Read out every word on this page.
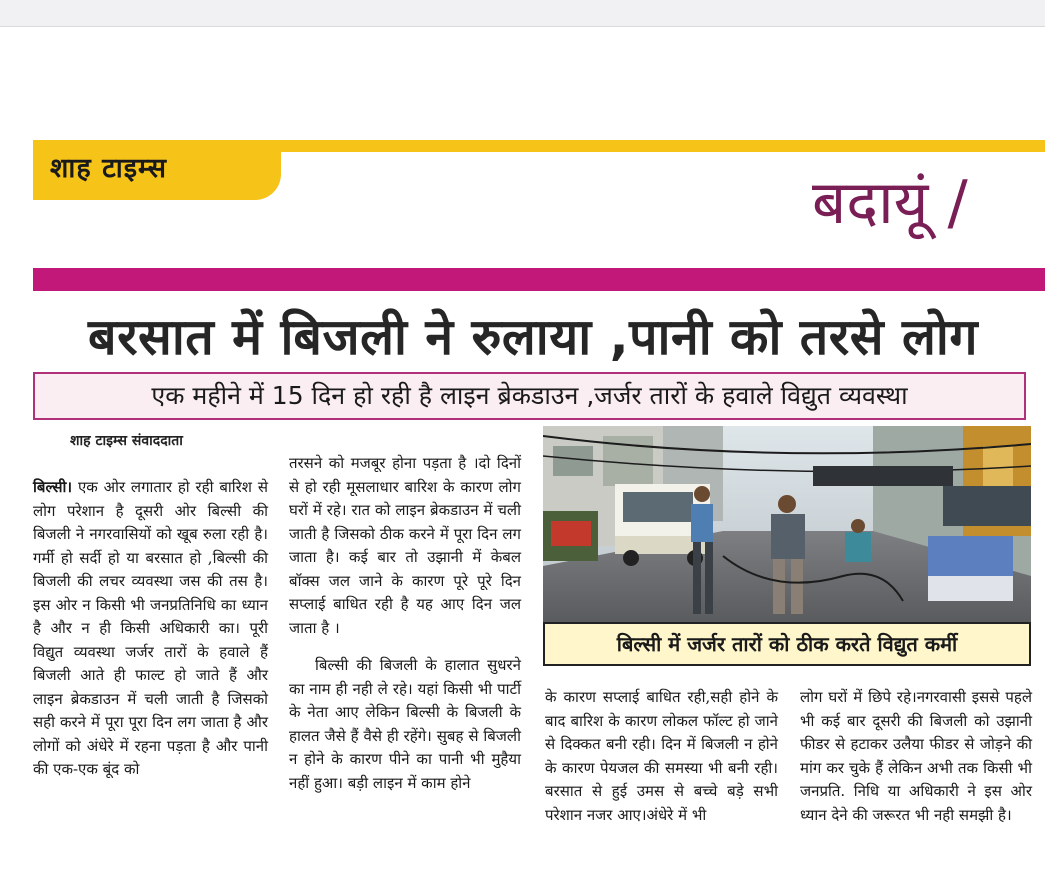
शाह टाइम्स	बदायूं /
बरसात में बिजली ने रुलाया ,पानी को तरसे लोग
एक महीने में 15 दिन हो रही है लाइन ब्रेकडाउन ,जर्जर तारों के हवाले विद्युत व्यवस्था
शाह टाइम्स संवाददाता

बिल्सी। एक ओर लगातार हो रही बारिश से लोग परेशान है दूसरी ओर बिल्सी की बिजली ने नगरवासियों को खूब रुला रही है। गर्मी हो सर्दी हो या बरसात हो ,बिल्सी की बिजली की लचर व्यवस्था जस की तस है।इस ओर न किसी भी जनप्रतिनिधि का ध्यान है और न ही किसी अधिकारी का। पूरी विद्युत व्यवस्था जर्जर तारों के हवाले हैं बिजली आते ही फाल्ट हो जाते हैं और लाइन ब्रेकडाउन में चली जाती है जिसको सही करने में पूरा पूरा दिन लग जाता है और लोगों को अंधेरे में रहना पड़ता है और पानी की एक-एक बूंद को

तरसने को मजबूर होना पड़ता है ।दो दिनों से हो रही मूसलाधार बारिश के कारण लोग घरों में रहे। रात को लाइन ब्रेकडाउन में चली जाती है जिसको ठीक करने में पूरा दिन लग जाता है। कई बार तो उझानी में केबल बॉक्स जल जाने के कारण पूरे पूरे दिन सप्लाई बाधित रही है यह आए दिन जल जाता है ।

बिल्सी की बिजली के हालात सुधरने का नाम ही नही ले रहे। यहां किसी भी पार्टी के नेता आए लेकिन बिल्सी के बिजली के हालत जैसे हैं वैसे ही रहेंगे। सुबह से बिजली न होने के कारण पीने का पानी भी मुहैया नहीं हुआ। बड़ी लाइन में काम होने

बिल्सी में जर्जर तारों को ठीक करते विद्युत कर्मी

के कारण सप्लाई बाधित रही,सही होने के बाद बारिश के कारण लोकल फॉल्ट हो जाने से दिक्कत बनी रही। दिन में बिजली न होने के कारण पेयजल की समस्या भी बनी रही। बरसात से हुई उमस से बच्चे बड़े सभी परेशान नजर आए।अंधेरे में भी

लोग घरों में छिपे रहे।नगरवासी इससे पहले भी कई बार दूसरी की बिजली को उझानी फीडर से हटाकर उलैया फीडर से जोड़ने की मांग कर चुके हैं लेकिन अभी तक किसी भी जनप्रति. निधि या अधिकारी ने इस ओर ध्यान देने की जरूरत भी नही समझी है।
